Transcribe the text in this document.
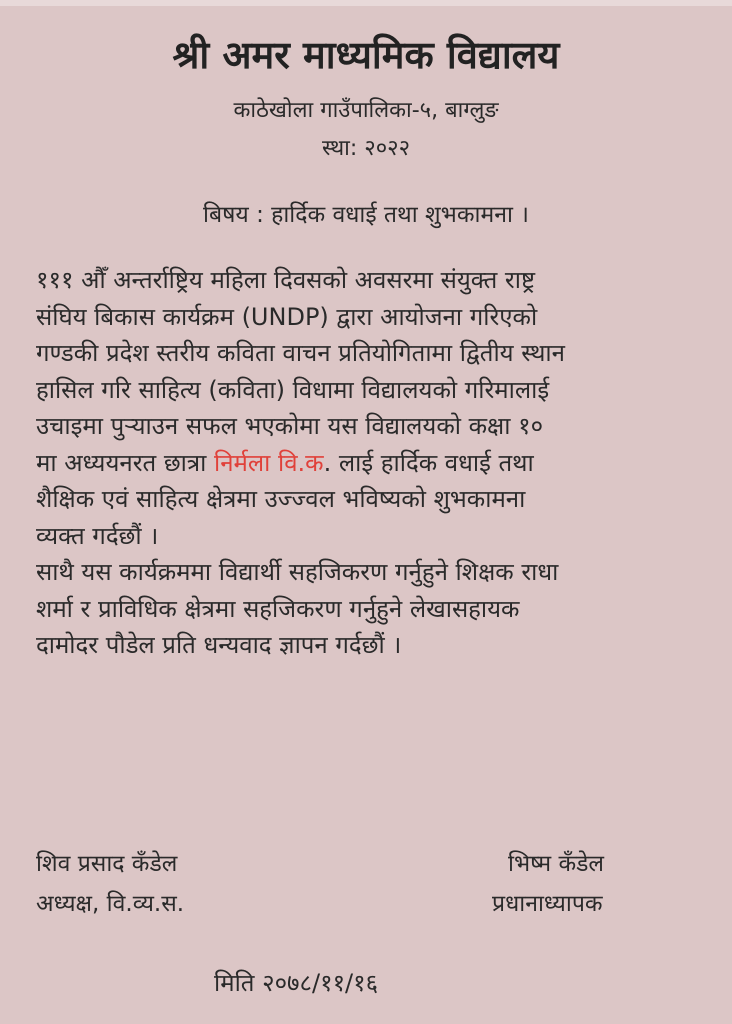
श्री अमर माध्यमिक विद्यालय
काठेखोला गाउँपालिका-५, बाग्लुङ
स्था: २०२२
बिषय : हार्दिक वधाई तथा शुभकामना ।
१११ औँ अन्तर्राष्ट्रिय महिला दिवसको अवसरमा संयुक्त राष्ट्र
संघिय बिकास कार्यक्रम (UNDP) द्वारा आयोजना गरिएको
गण्डकी प्रदेश स्तरीय कविता वाचन प्रतियोगितामा द्वितीय स्थान
हासिल गरि साहित्य (कविता) विधामा विद्यालयको गरिमालाई
उचाइमा पुऱ्याउन सफल भएकोमा यस विद्यालयको कक्षा १०
मा अध्ययनरत छात्रा निर्मला वि.क. लाई हार्दिक वधाई तथा
शैक्षिक एवं साहित्य क्षेत्रमा उज्ज्वल भविष्यको शुभकामना
व्यक्त गर्दछौं ।
साथै यस कार्यक्रममा विद्यार्थी सहजिकरण गर्नुहुने शिक्षक राधा
शर्मा र प्राविधिक क्षेत्रमा सहजिकरण गर्नुहुने लेखासहायक
दामोदर पौडेल प्रति धन्यवाद ज्ञापन गर्दछौं ।
शिव प्रसाद कँडेल
अध्यक्ष, वि.व्य.स.
भिष्म कँडेल
प्रधानाध्यापक
मिति २०७८/११/१६
